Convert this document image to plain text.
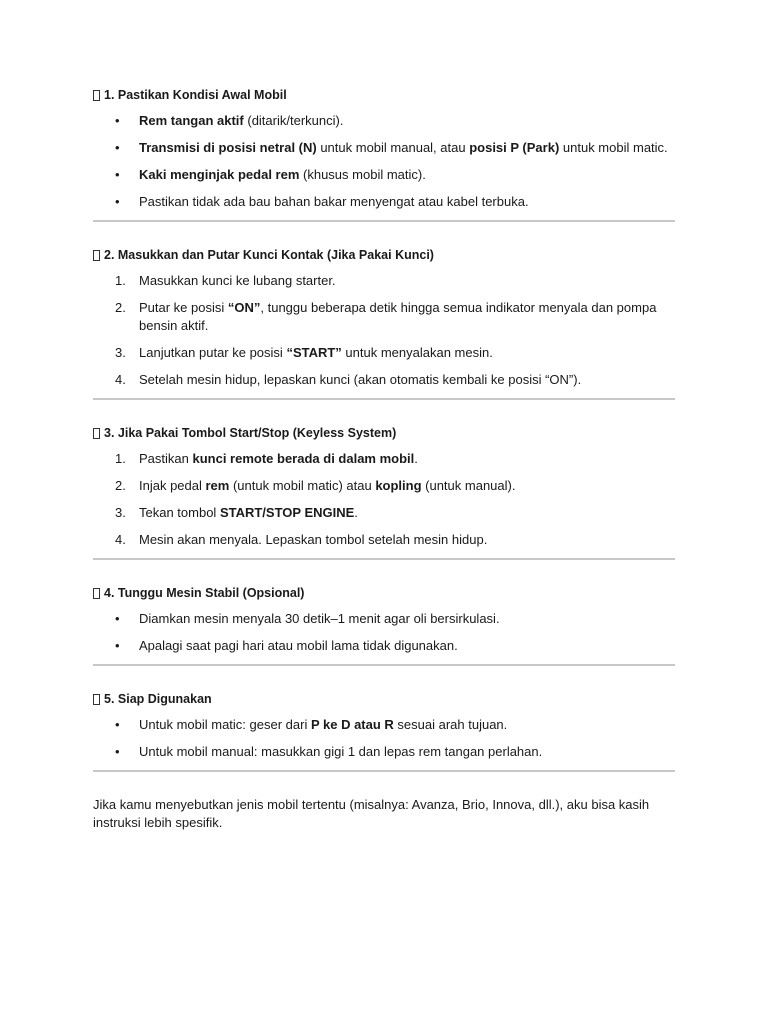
1. Pastikan Kondisi Awal Mobil
• Rem tangan aktif (ditarik/terkunci).
• Transmisi di posisi netral (N) untuk mobil manual, atau posisi P (Park) untuk mobil matic.
• Kaki menginjak pedal rem (khusus mobil matic).
• Pastikan tidak ada bau bahan bakar menyengat atau kabel terbuka.
2. Masukkan dan Putar Kunci Kontak (Jika Pakai Kunci)
1. Masukkan kunci ke lubang starter.
2. Putar ke posisi “ON”, tunggu beberapa detik hingga semua indikator menyala dan pompa bensin aktif.
3. Lanjutkan putar ke posisi “START” untuk menyalakan mesin.
4. Setelah mesin hidup, lepaskan kunci (akan otomatis kembali ke posisi “ON”).
3. Jika Pakai Tombol Start/Stop (Keyless System)
1. Pastikan kunci remote berada di dalam mobil.
2. Injak pedal rem (untuk mobil matic) atau kopling (untuk manual).
3. Tekan tombol START/STOP ENGINE.
4. Mesin akan menyala. Lepaskan tombol setelah mesin hidup.
4. Tunggu Mesin Stabil (Opsional)
• Diamkan mesin menyala 30 detik–1 menit agar oli bersirkulasi.
• Apalagi saat pagi hari atau mobil lama tidak digunakan.
5. Siap Digunakan
• Untuk mobil matic: geser dari P ke D atau R sesuai arah tujuan.
• Untuk mobil manual: masukkan gigi 1 dan lepas rem tangan perlahan.

Jika kamu menyebutkan jenis mobil tertentu (misalnya: Avanza, Brio, Innova, dll.), aku bisa kasih instruksi lebih spesifik.
